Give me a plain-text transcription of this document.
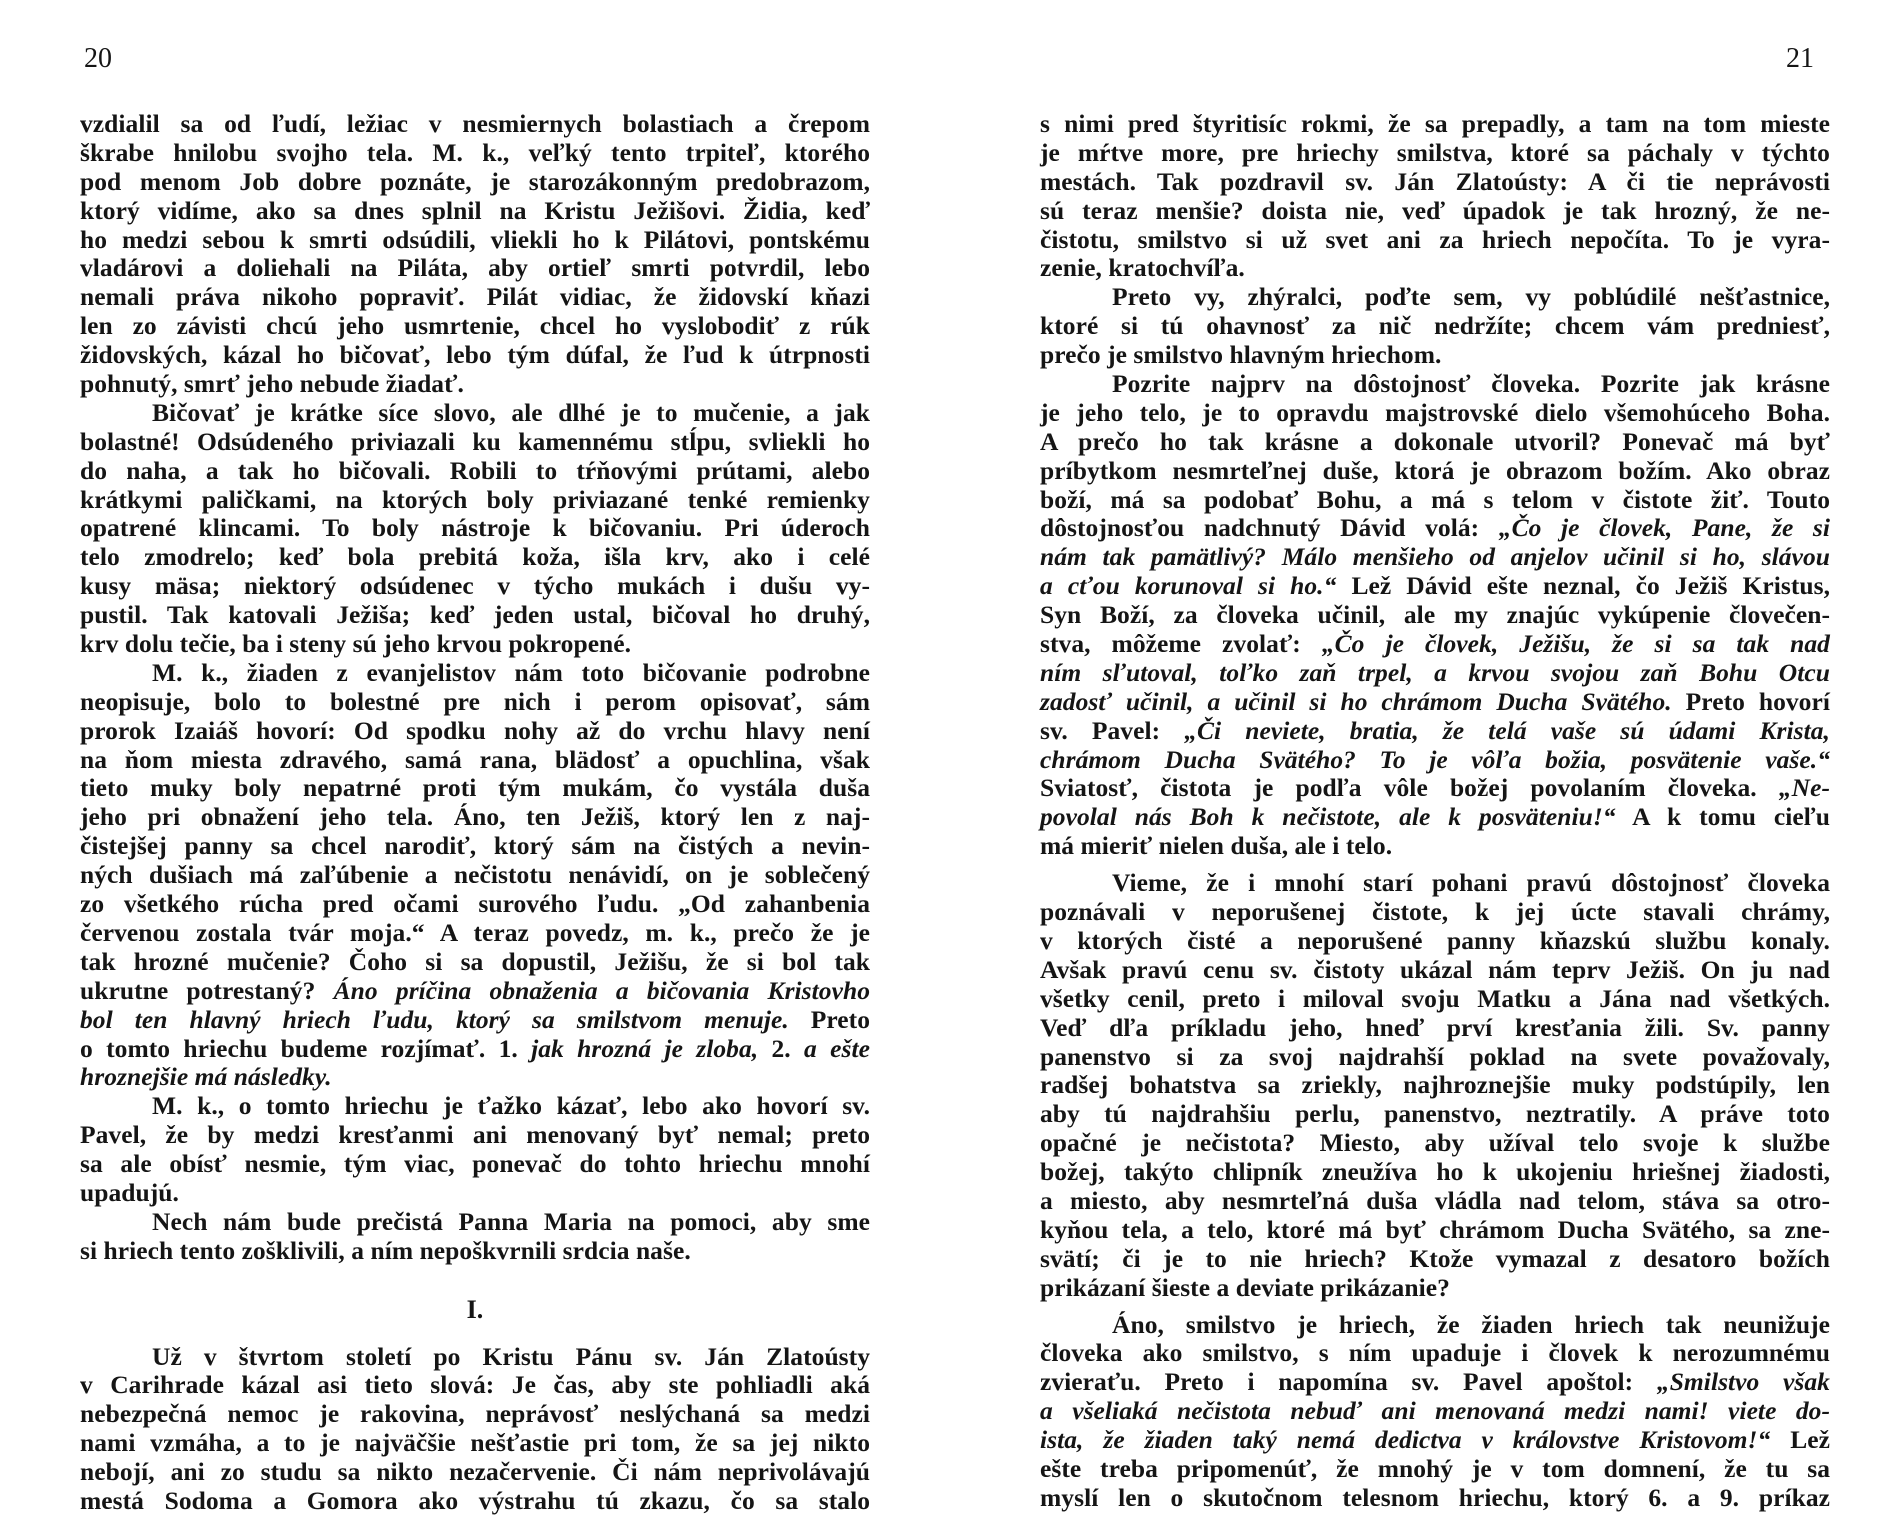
20
vzdialil sa od ľudí, ležiac v nesmiernych bolastiach a črepom
škrabe hnilobu svojho tela. M. k., veľký tento trpiteľ, ktorého
pod menom Job dobre poznáte, je starozákonným predobrazom,
ktorý vidíme, ako sa dnes splnil na Kristu Ježišovi. Židia, keď
ho medzi sebou k smrti odsúdili, vliekli ho k Pilátovi, pontskému
vladárovi a doliehali na Piláta, aby ortieľ smrti potvrdil, lebo
nemali práva nikoho popraviť. Pilát vidiac, že židovskí kňazi
len zo závisti chcú jeho usmrtenie, chcel ho vyslobodiť z rúk
židovských, kázal ho bičovať, lebo tým dúfal, že ľud k útrpnosti
pohnutý, smrť jeho nebude žiadať.
Bičovať je krátke síce slovo, ale dlhé je to mučenie, a jak
bolastné! Odsúdeného priviazali ku kamennému stĺpu, svliekli ho
do naha, a tak ho bičovali. Robili to tŕňovými prútami, alebo
krátkymi paličkami, na ktorých boly priviazané tenké remienky
opatrené klincami. To boly nástroje k bičovaniu. Pri úderoch
telo zmodrelo; keď bola prebitá koža, išla krv, ako i celé
kusy mäsa; niektorý odsúdenec v týcho mukách i dušu vy-
pustil. Tak katovali Ježiša; keď jeden ustal, bičoval ho druhý,
krv dolu tečie, ba i steny sú jeho krvou pokropené.
M. k., žiaden z evanjelistov nám toto bičovanie podrobne
neopisuje, bolo to bolestné pre nich i perom opisovať, sám
prorok Izaiáš hovorí: Od spodku nohy až do vrchu hlavy není
na ňom miesta zdravého, samá rana, blädosť a opuchlina, však
tieto muky boly nepatrné proti tým mukám, čo vystála duša
jeho pri obnažení jeho tela. Áno, ten Ježiš, ktorý len z naj-
čistejšej panny sa chcel narodiť, ktorý sám na čistých a nevin-
ných dušiach má zaľúbenie a nečistotu nenávidí, on je soblečený
zo všetkého rúcha pred očami surového ľudu. „Od zahanbenia
červenou zostala tvár moja.“ A teraz povedz, m. k., prečo že je
tak hrozné mučenie? Čoho si sa dopustil, Ježišu, že si bol tak
ukrutne potrestaný? Áno príčina obnaženia a bičovania Kristovho
bol ten hlavný hriech ľudu, ktorý sa smilstvom menuje. Preto
o tomto hriechu budeme rozjímať. 1. jak hrozná je zloba, 2. a ešte
hroznejšie má následky.
M. k., o tomto hriechu je ťažko kázať, lebo ako hovorí sv.
Pavel, že by medzi kresťanmi ani menovaný byť nemal; preto
sa ale obísť nesmie, tým viac, ponevač do tohto hriechu mnohí
upadujú.
Nech nám bude prečistá Panna Maria na pomoci, aby sme
si hriech tento zošklivili, a ním nepoškvrnili srdcia naše.
I.
Už v štvrtom století po Kristu Pánu sv. Ján Zlatoústy
v Carihrade kázal asi tieto slová: Je čas, aby ste pohliadli aká
nebezpečná nemoc je rakovina, neprávosť neslýchaná sa medzi
nami vzmáha, a to je najväčšie nešťastie pri tom, že sa jej nikto
nebojí, ani zo studu sa nikto nezačervenie. Či nám neprivolávajú
mestá Sodoma a Gomora ako výstrahu tú zkazu, čo sa stalo
21
s nimi pred štyritisíc rokmi, že sa prepadly, a tam na tom mieste
je mŕtve more, pre hriechy smilstva, ktoré sa páchaly v týchto
mestách. Tak pozdravil sv. Ján Zlatoústy: A či tie neprávosti
sú teraz menšie? doista nie, veď úpadok je tak hrozný, že ne-
čistotu, smilstvo si už svet ani za hriech nepočíta. To je vyra-
zenie, kratochvíľa.
Preto vy, zhýralci, poďte sem, vy poblúdilé nešťastnice,
ktoré si tú ohavnosť za nič nedržíte; chcem vám predniesť,
prečo je smilstvo hlavným hriechom.
Pozrite najprv na dôstojnosť človeka. Pozrite jak krásne
je jeho telo, je to opravdu majstrovské dielo všemohúceho Boha.
A prečo ho tak krásne a dokonale utvoril? Ponevač má byť
príbytkom nesmrteľnej duše, ktorá je obrazom božím. Ako obraz
boží, má sa podobať Bohu, a má s telom v čistote žiť. Touto
dôstojnosťou nadchnutý Dávid volá: „Čo je človek, Pane, že si
nám tak pamätlivý? Málo menšieho od anjelov učinil si ho, slávou
a cťou korunoval si ho.“ Lež Dávid ešte neznal, čo Ježiš Kristus,
Syn Boží, za človeka učinil, ale my znajúc vykúpenie človečen-
stva, môžeme zvolať: „Čo je človek, Ježišu, že si sa tak nad
ním sľutoval, toľko zaň trpel, a krvou svojou zaň Bohu Otcu
zadosť učinil, a učinil si ho chrámom Ducha Svätého. Preto hovorí
sv. Pavel: „Či neviete, bratia, že telá vaše sú údami Krista,
chrámom Ducha Svätého? To je vôľa božia, posvätenie vaše.“
Sviatosť, čistota je podľa vôle božej povolaním človeka. „Ne-
povolal nás Boh k nečistote, ale k posväteniu!“ A k tomu cieľu
má mieriť nielen duša, ale i telo.
Vieme, že i mnohí starí pohani pravú dôstojnosť človeka
poznávali v neporušenej čistote, k jej úcte stavali chrámy,
v ktorých čisté a neporušené panny kňazskú službu konaly.
Avšak pravú cenu sv. čistoty ukázal nám teprv Ježiš. On ju nad
všetky cenil, preto i miloval svoju Matku a Jána nad všetkých.
Veď dľa príkladu jeho, hneď prví kresťania žili. Sv. panny
panenstvo si za svoj najdrahší poklad na svete považovaly,
radšej bohatstva sa zriekly, najhroznejšie muky podstúpily, len
aby tú najdrahšiu perlu, panenstvo, neztratily. A práve toto
opačné je nečistota? Miesto, aby užíval telo svoje k službe
božej, takýto chlipník zneužíva ho k ukojeniu hriešnej žiadosti,
a miesto, aby nesmrteľná duša vládla nad telom, stáva sa otro-
kyňou tela, a telo, ktoré má byť chrámom Ducha Svätého, sa zne-
svätí; či je to nie hriech? Ktože vymazal z desatoro božích
prikázaní šieste a deviate prikázanie?
Áno, smilstvo je hriech, že žiaden hriech tak neunižuje
človeka ako smilstvo, s ním upaduje i človek k nerozumnému
zvieraťu. Preto i napomína sv. Pavel apoštol: „Smilstvo však
a všeliaká nečistota nebuď ani menovaná medzi nami! viete do-
ista, že žiaden taký nemá dedictva v královstve Kristovom!“ Lež
ešte treba pripomenúť, že mnohý je v tom domnení, že tu sa
myslí len o skutočnom telesnom hriechu, ktorý 6. a 9. príkaz
